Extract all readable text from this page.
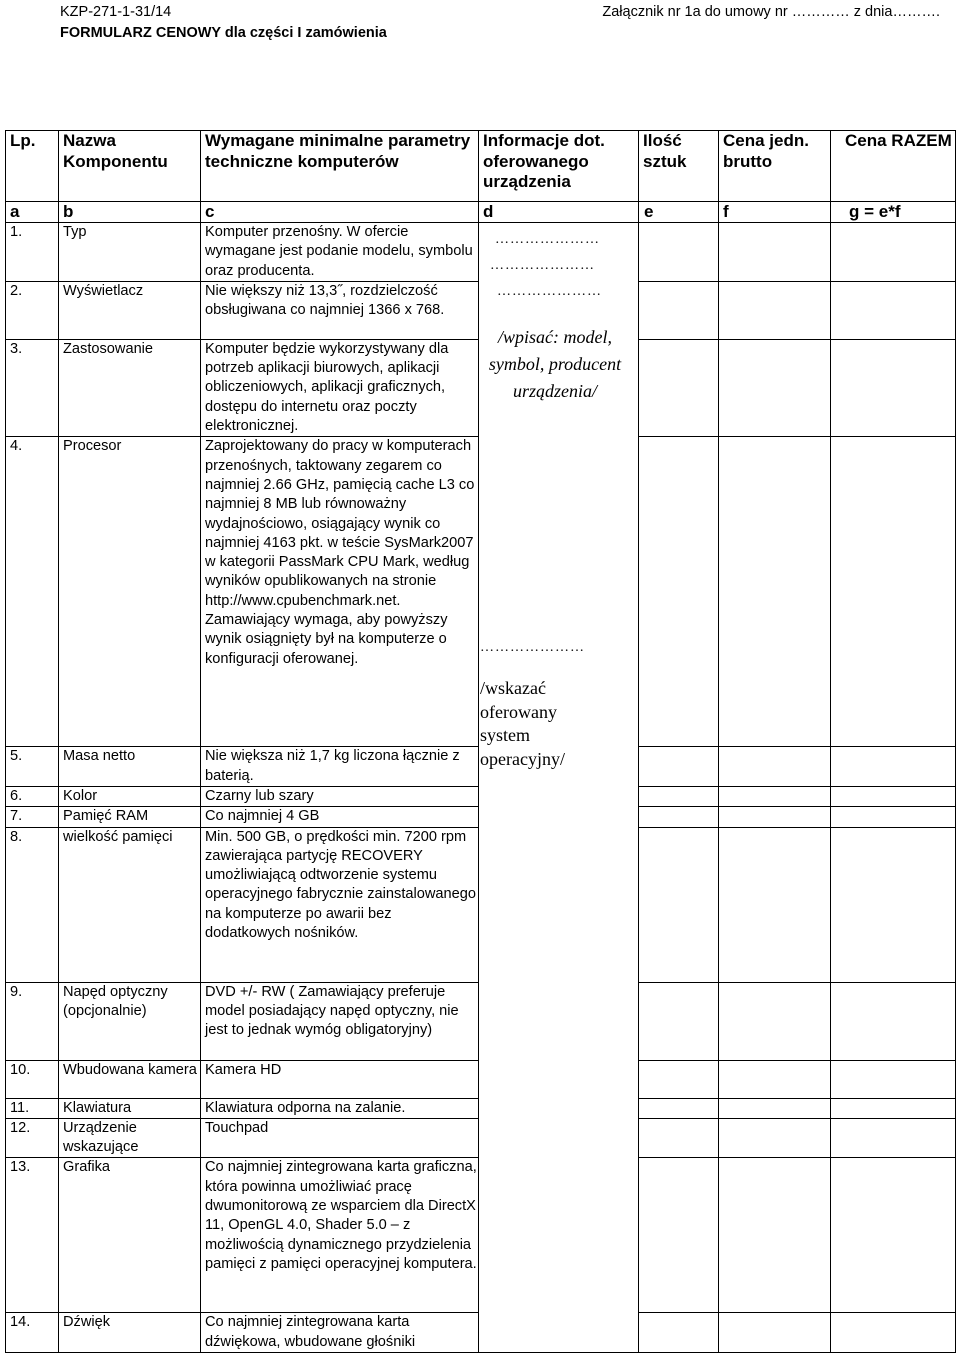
KZP-271-1-31/14	Załącznik nr 1a do umowy nr ………… z dnia……….
FORMULARZ CENOWY dla części I zamówienia
Lp.	Nazwa Komponentu	Wymagane minimalne parametry techniczne komputerów	Informacje dot. oferowanego urządzenia	Ilość sztuk	Cena jedn. brutto	Cena RAZEM
a	b	c	d	e	f	g = e*f
1.	Typ	Komputer przenośny. W ofercie wymagane jest podanie modelu, symbolu oraz producenta.				
2.	Wyświetlacz	Nie większy niż 13,3˝, rozdzielczość obsługiwana co najmniej 1366 x 768.				
3.	Zastosowanie	Komputer będzie wykorzystywany dla potrzeb aplikacji biurowych, aplikacji obliczeniowych, aplikacji graficznych, dostępu do internetu oraz poczty elektronicznej.				
4.	Procesor	Zaprojektowany do pracy w komputerach przenośnych, taktowany zegarem co najmniej 2.66 GHz, pamięcią cache L3 co najmniej 8 MB lub równoważny wydajnościowo, osiągający wynik co najmniej 4163 pkt. w teście SysMark2007 w kategorii PassMark CPU Mark, według wyników opublikowanych na stronie http://www.cpubenchmark.net. Zamawiający wymaga, aby powyższy wynik osiągnięty był na komputerze o konfiguracji oferowanej.				
5.	Masa netto	Nie większa niż 1,7 kg liczona łącznie z baterią.				
6.	Kolor	Czarny lub szary				
7.	Pamięć RAM	Co najmniej 4 GB				
8.	wielkość pamięci	Min. 500 GB, o prędkości min. 7200 rpm zawierająca partycję RECOVERY umożliwiającą odtworzenie systemu operacyjnego fabrycznie zainstalowanego na komputerze po awarii bez dodatkowych nośników.				
9.	Napęd optyczny (opcjonalnie)	DVD +/- RW ( Zamawiający preferuje model posiadający napęd optyczny, nie jest to jednak wymóg obligatoryjny)				
10.	Wbudowana kamera	Kamera HD				
11.	Klawiatura	Klawiatura odporna na zalanie.				
12.	Urządzenie wskazujące	Touchpad				
13.	Grafika	Co najmniej zintegrowana karta graficzna, która powinna umożliwiać pracę dwumonitorową ze wsparciem dla DirectX 11, OpenGL 4.0, Shader 5.0 – z możliwością dynamicznego przydzielenia pamięci z pamięci operacyjnej komputera.				
14.	Dźwięk	Co najmniej zintegrowana karta dźwiękowa, wbudowane głośniki				
…………………
…………………
…………………
/wpisać: model, symbol, producent urządzenia/
…………………
/wskazać oferowany system operacyjny/
